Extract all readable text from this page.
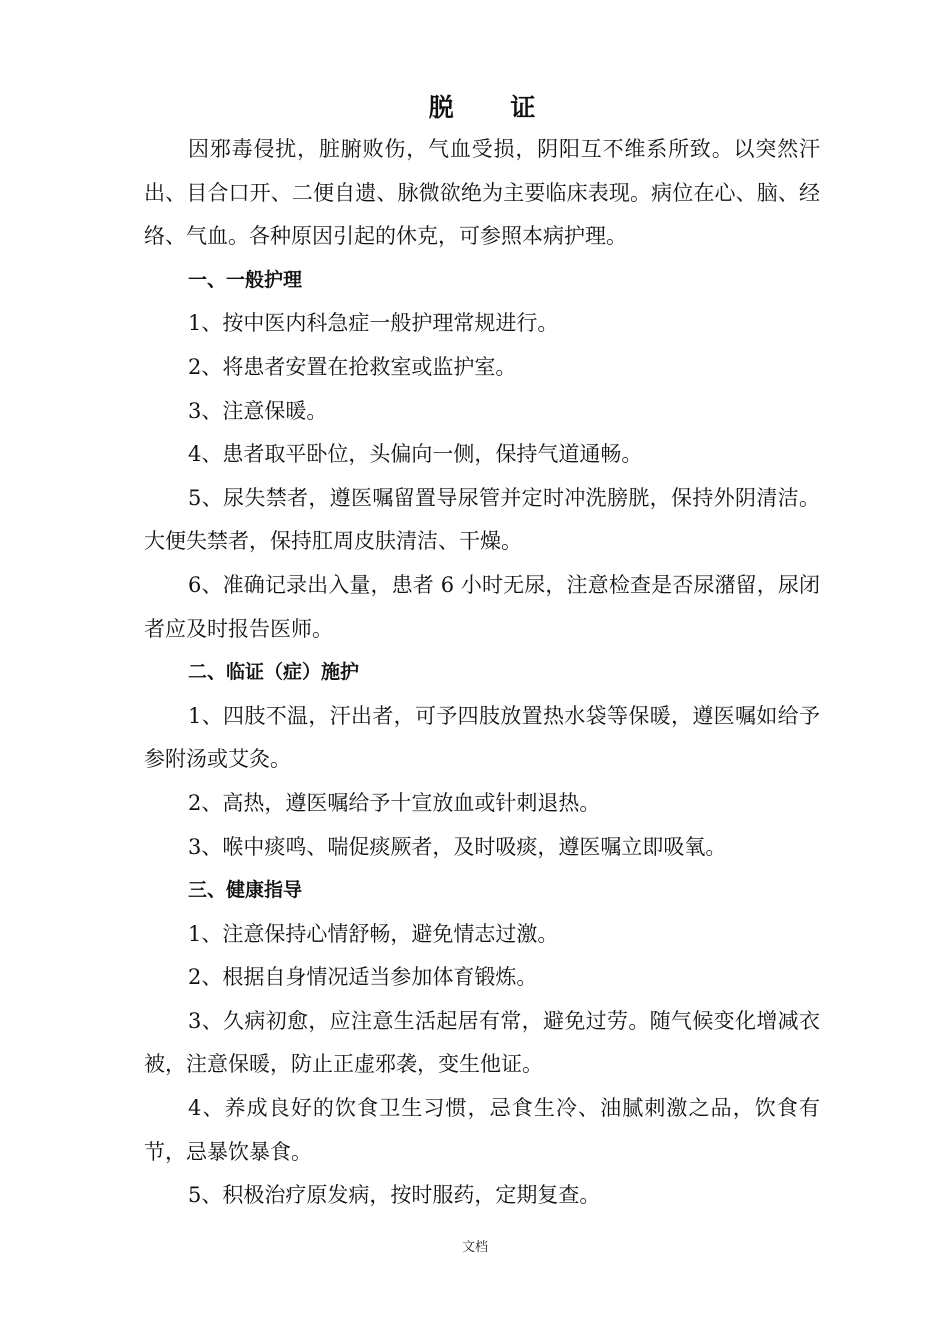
脱 证

因邪毒侵扰，脏腑败伤，气血受损，阴阳互不维系所致。以突然汗出、目合口开、二便自遗、脉微欲绝为主要临床表现。病位在心、脑、经络、气血。各种原因引起的休克，可参照本病护理。

一、一般护理

1、按中医内科急症一般护理常规进行。

2、将患者安置在抢救室或监护室。

3、注意保暖。

4、患者取平卧位，头偏向一侧，保持气道通畅。

5、尿失禁者，遵医嘱留置导尿管并定时冲洗膀胱，保持外阴清洁。大便失禁者，保持肛周皮肤清洁、干燥。

6、准确记录出入量，患者 6 小时无尿，注意检查是否尿潴留，尿闭者应及时报告医师。

二、临证（症）施护

1、四肢不温，汗出者，可予四肢放置热水袋等保暖，遵医嘱如给予参附汤或艾灸。

2、高热，遵医嘱给予十宣放血或针刺退热。

3、喉中痰鸣、喘促痰厥者，及时吸痰，遵医嘱立即吸氧。

三、健康指导

1、注意保持心情舒畅，避免情志过激。

2、根据自身情况适当参加体育锻炼。

3、久病初愈，应注意生活起居有常，避免过劳。随气候变化增减衣被，注意保暖，防止正虚邪袭，变生他证。

4、养成良好的饮食卫生习惯，忌食生冷、油腻刺激之品，饮食有节，忌暴饮暴食。

5、积极治疗原发病，按时服药，定期复查。

文档
